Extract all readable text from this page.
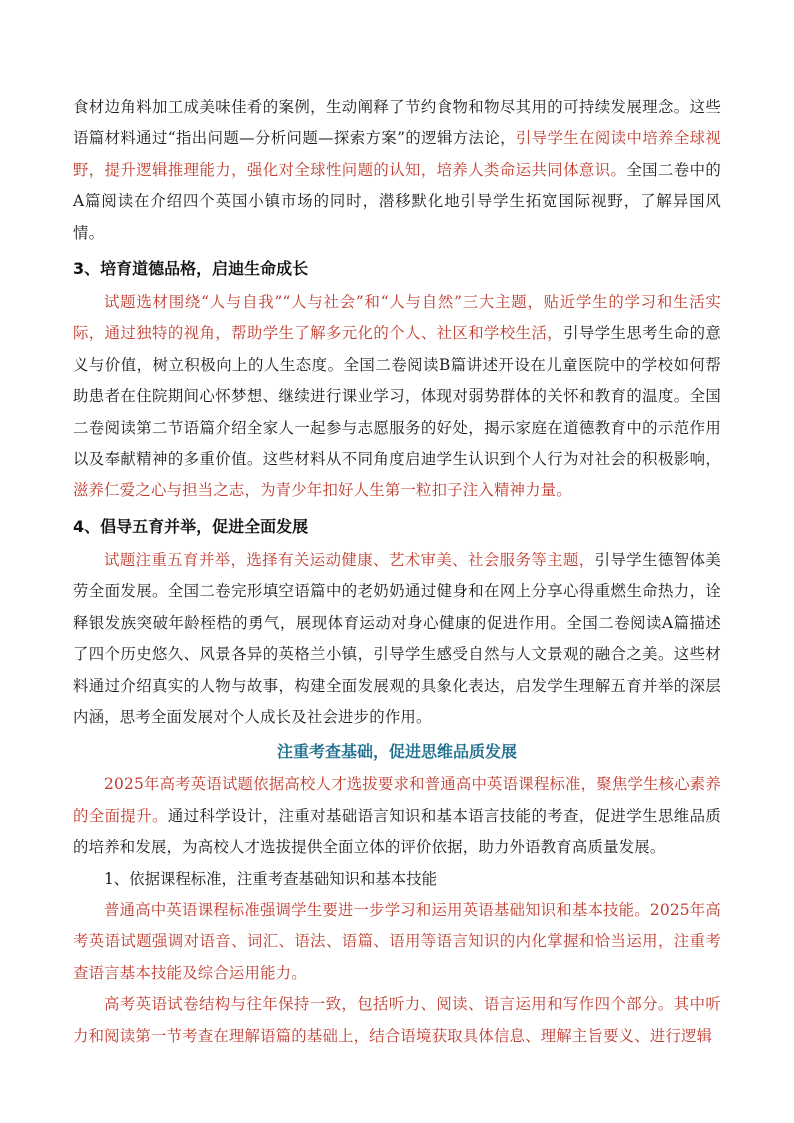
食材边角料加工成美味佳肴的案例，生动阐释了节约食物和物尽其用的可持续发展理念。这些语篇材料通过“指出问题—分析问题—探索方案”的逻辑方法论，引导学生在阅读中培养全球视野，提升逻辑推理能力，强化对全球性问题的认知，培养人类命运共同体意识。全国二卷中的A篇阅读在介绍四个英国小镇市场的同时，潜移默化地引导学生拓宽国际视野，了解异国风情。

3、培育道德品格，启迪生命成长

试题选材围绕“人与自我”“人与社会”和“人与自然”三大主题，贴近学生的学习和生活实际，通过独特的视角，帮助学生了解多元化的个人、社区和学校生活，引导学生思考生命的意义与价值，树立积极向上的人生态度。全国二卷阅读B篇讲述开设在儿童医院中的学校如何帮助患者在住院期间心怀梦想、继续进行课业学习，体现对弱势群体的关怀和教育的温度。全国二卷阅读第二节语篇介绍全家人一起参与志愿服务的好处，揭示家庭在道德教育中的示范作用以及奉献精神的多重价值。这些材料从不同角度启迪学生认识到个人行为对社会的积极影响，滋养仁爱之心与担当之志，为青少年扣好人生第一粒扣子注入精神力量。

4、倡导五育并举，促进全面发展

试题注重五育并举，选择有关运动健康、艺术审美、社会服务等主题，引导学生德智体美劳全面发展。全国二卷完形填空语篇中的老奶奶通过健身和在网上分享心得重燃生命热力，诠释银发族突破年龄桎梏的勇气，展现体育运动对身心健康的促进作用。全国二卷阅读A篇描述了四个历史悠久、风景各异的英格兰小镇，引导学生感受自然与人文景观的融合之美。这些材料通过介绍真实的人物与故事，构建全面发展观的具象化表达，启发学生理解五育并举的深层内涵，思考全面发展对个人成长及社会进步的作用。

注重考查基础，促进思维品质发展

2025年高考英语试题依据高校人才选拔要求和普通高中英语课程标准，聚焦学生核心素养的全面提升。通过科学设计，注重对基础语言知识和基本语言技能的考查，促进学生思维品质的培养和发展，为高校人才选拔提供全面立体的评价依据，助力外语教育高质量发展。

1、依据课程标准，注重考查基础知识和基本技能

普通高中英语课程标准强调学生要进一步学习和运用英语基础知识和基本技能。2025年高考英语试题强调对语音、词汇、语法、语篇、语用等语言知识的内化掌握和恰当运用，注重考查语言基本技能及综合运用能力。

高考英语试卷结构与往年保持一致，包括听力、阅读、语言运用和写作四个部分。其中听力和阅读第一节考查在理解语篇的基础上，结合语境获取具体信息、理解主旨要义、进行逻辑
